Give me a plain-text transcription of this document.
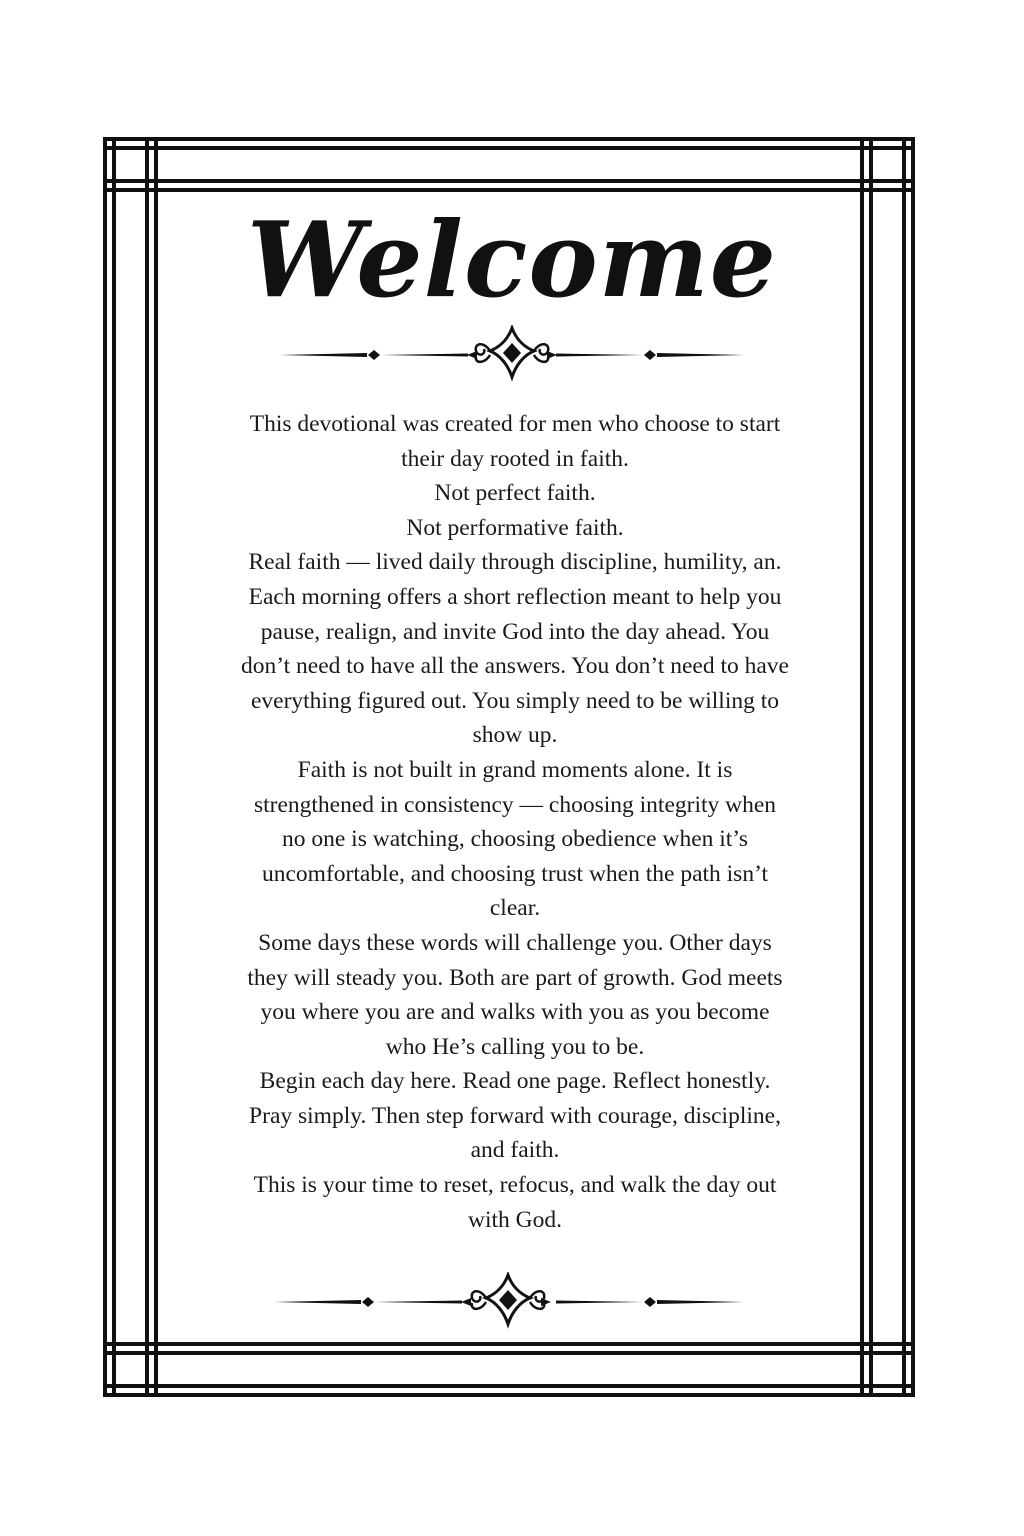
Welcome
This devotional was created for men who choose to start
their day rooted in faith.
Not perfect faith.
Not performative faith.
Real faith — lived daily through discipline, humility, an.
Each morning offers a short reflection meant to help you
pause, realign, and invite God into the day ahead. You
don’t need to have all the answers. You don’t need to have
everything figured out. You simply need to be willing to
show up.
Faith is not built in grand moments alone. It is
strengthened in consistency — choosing integrity when
no one is watching, choosing obedience when it’s
uncomfortable, and choosing trust when the path isn’t
clear.
Some days these words will challenge you. Other days
they will steady you. Both are part of growth. God meets
you where you are and walks with you as you become
who He’s calling you to be.
Begin each day here. Read one page. Reflect honestly.
Pray simply. Then step forward with courage, discipline,
and faith.
This is your time to reset, refocus, and walk the day out
with God.
